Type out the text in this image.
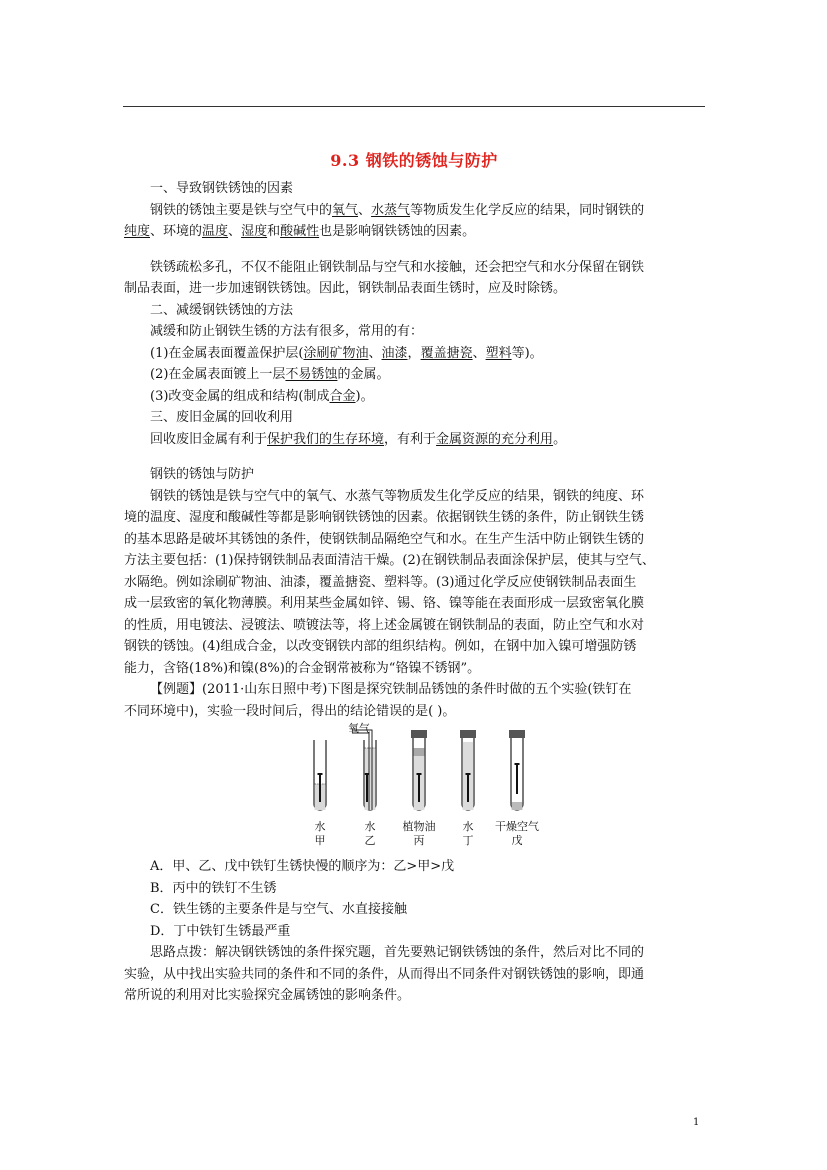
9.3 钢铁的锈蚀与防护

一、导致钢铁锈蚀的因素

钢铁的锈蚀主要是铁与空气中的氧气、水蒸气等物质发生化学反应的结果，同时钢铁的

纯度、环境的温度、湿度和酸碱性也是影响钢铁锈蚀的因素。

铁锈疏松多孔，不仅不能阻止钢铁制品与空气和水接触，还会把空气和水分保留在钢铁

制品表面，进一步加速钢铁锈蚀。因此，钢铁制品表面生锈时，应及时除锈。

二、减缓钢铁锈蚀的方法

减缓和防止钢铁生锈的方法有很多，常用的有：

(1)在金属表面覆盖保护层(涂刷矿物油、油漆，覆盖搪瓷、塑料等)。

(2)在金属表面镀上一层不易锈蚀的金属。

(3)改变金属的组成和结构(制成合金)。

三、废旧金属的回收利用

回收废旧金属有利于保护我们的生存环境，有利于金属资源的充分利用。

钢铁的锈蚀与防护

钢铁的锈蚀是铁与空气中的氧气、水蒸气等物质发生化学反应的结果，钢铁的纯度、环

境的温度、湿度和酸碱性等都是影响钢铁锈蚀的因素。依据钢铁生锈的条件，防止钢铁生锈

的基本思路是破坏其锈蚀的条件，使钢铁制品隔绝空气和水。在生产生活中防止钢铁生锈的

方法主要包括：(1)保持钢铁制品表面清洁干燥。(2)在钢铁制品表面涂保护层，使其与空气、

水隔绝。例如涂刷矿物油、油漆，覆盖搪瓷、塑料等。(3)通过化学反应使钢铁制品表面生

成一层致密的氧化物薄膜。利用某些金属如锌、锡、铬、镍等能在表面形成一层致密氧化膜

的性质，用电镀法、浸镀法、喷镀法等，将上述金属镀在钢铁制品的表面，防止空气和水对

钢铁的锈蚀。(4)组成合金，以改变钢铁内部的组织结构。例如，在钢中加入镍可增强防锈

能力，含铬(18%)和镍(8%)的合金钢常被称为“铬镍不锈钢”。

【例题】(2011·山东日照中考)下图是探究铁制品锈蚀的条件时做的五个实验(铁钉在

不同环境中)，实验一段时间后，得出的结论错误的是( )。

氧气
水
甲
水
乙
植物油
丙
水
丁
干燥空气
戊

A．甲、乙、戊中铁钉生锈快慢的顺序为：乙>甲>戊

B．丙中的铁钉不生锈

C．铁生锈的主要条件是与空气、水直接接触

D．丁中铁钉生锈最严重

思路点拨：解决钢铁锈蚀的条件探究题，首先要熟记钢铁锈蚀的条件，然后对比不同的

实验，从中找出实验共同的条件和不同的条件，从而得出不同条件对钢铁锈蚀的影响，即通

常所说的利用对比实验探究金属锈蚀的影响条件。

1
